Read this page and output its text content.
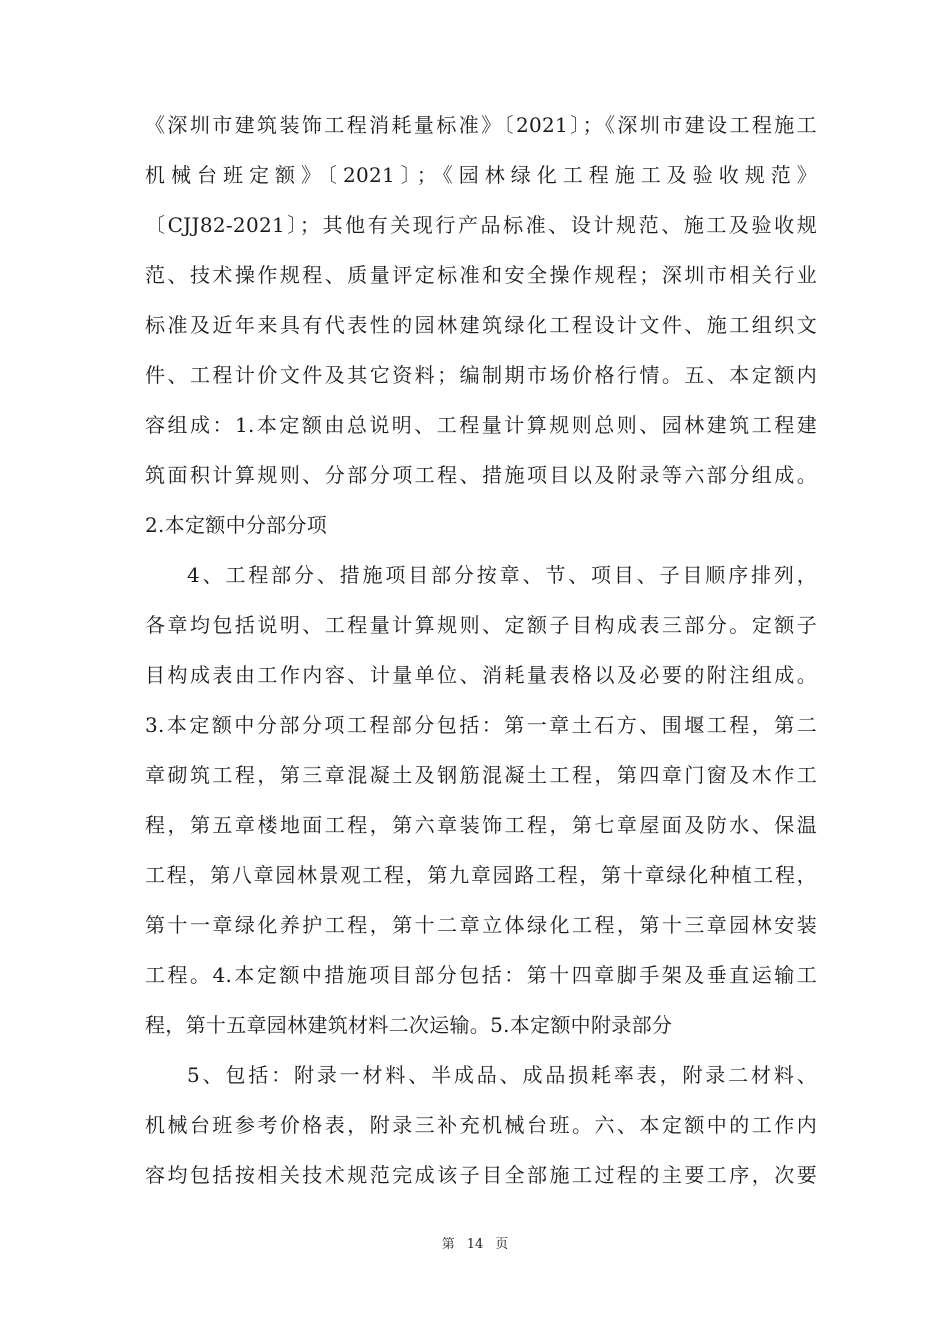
《深圳市建筑装饰工程消耗量标准》〔2021〕；《深圳市建设工程施工
机械台班定额》〔2021〕；《园林绿化工程施工及验收规范》
〔CJJ82-2021〕；其他有关现行产品标准、设计规范、施工及验收规
范、技术操作规程、质量评定标准和安全操作规程；深圳市相关行业
标准及近年来具有代表性的园林建筑绿化工程设计文件、施工组织文
件、工程计价文件及其它资料；编制期市场价格行情。五、本定额内
容组成：1.本定额由总说明、工程量计算规则总则、园林建筑工程建
筑面积计算规则、分部分项工程、措施项目以及附录等六部分组成。
2.本定额中分部分项
4、工程部分、措施项目部分按章、节、项目、子目顺序排列，
各章均包括说明、工程量计算规则、定额子目构成表三部分。定额子
目构成表由工作内容、计量单位、消耗量表格以及必要的附注组成。
3.本定额中分部分项工程部分包括：第一章土石方、围堰工程，第二
章砌筑工程，第三章混凝土及钢筋混凝土工程，第四章门窗及木作工
程，第五章楼地面工程，第六章装饰工程，第七章屋面及防水、保温
工程，第八章园林景观工程，第九章园路工程，第十章绿化种植工程，
第十一章绿化养护工程，第十二章立体绿化工程，第十三章园林安装
工程。4.本定额中措施项目部分包括：第十四章脚手架及垂直运输工
程，第十五章园林建筑材料二次运输。5.本定额中附录部分
5、包括：附录一材料、半成品、成品损耗率表，附录二材料、
机械台班参考价格表，附录三补充机械台班。六、本定额中的工作内
容均包括按相关技术规范完成该子目全部施工过程的主要工序，次要
第 14 页
